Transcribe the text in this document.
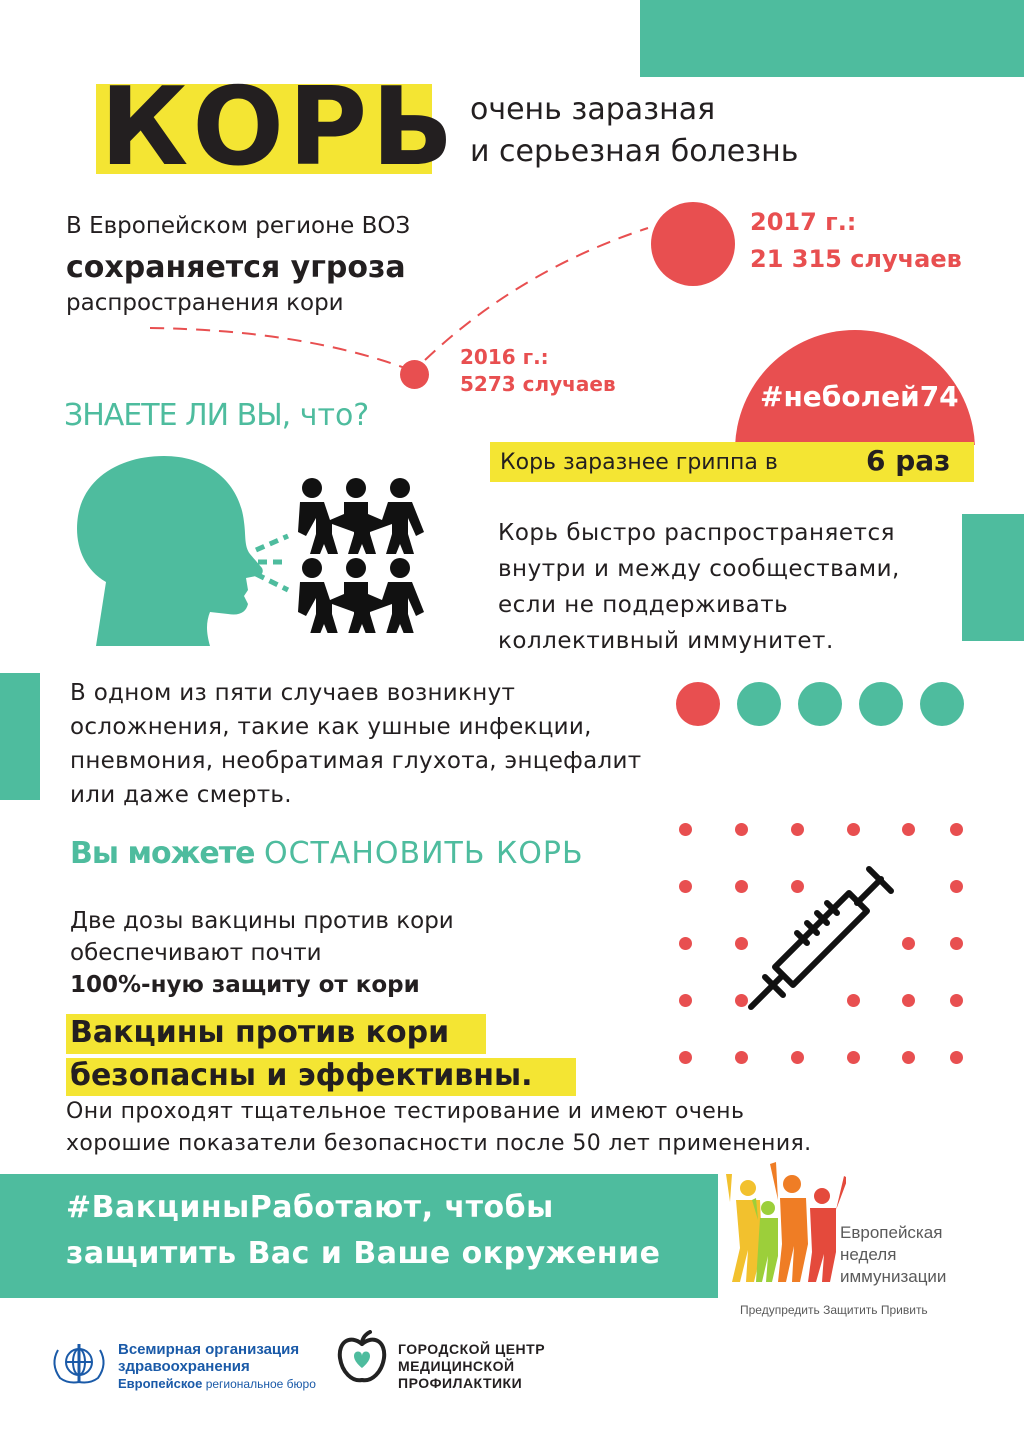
КОРЬ очень заразная
и серьезная болезнь
В Европейском регионе ВОЗ
сохраняется угроза
распространения кори
2017 г.:
21 315 случаев
2016 г.:
5273 случаев	#неболей74
ЗНАЕТЕ ЛИ ВЫ, что?
Корь заразнее гриппа в	6 раз
Корь быстро распространяется
внутри и между сообществами,
если не поддерживать
коллективный иммунитет.
В одном из пяти случаев возникнут
осложнения, такие как ушные инфекции,
пневмония, необратимая глухота, энцефалит
или даже смерть.
Вы можете ОСТАНОВИТЬ КОРЬ
Две дозы вакцины против кори
обеспечивают почти
100%-ную защиту от кори
Вакцины против кори
безопасны и эффективны.
Они проходят тщательное тестирование и имеют очень
хорошие показатели безопасности после 50 лет применения.
#ВакциныРаботают, чтобы
защитить Вас и Ваше окружение
Европейская
неделя
иммунизации
Предупредить Защитить Привить
Всемирная организация
здравоохранения
Европейское региональное бюро
ГОРОДСКОЙ ЦЕНТР
МЕДИЦИНСКОЙ
ПРОФИЛАКТИКИ
